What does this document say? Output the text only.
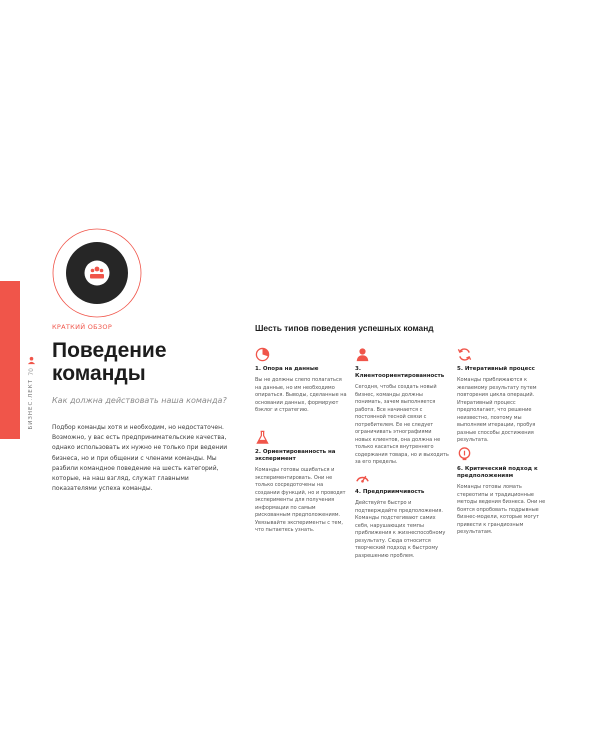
70
БИЗНЕС.ЛЕКТ
КРАТКИЙ ОБЗОР
Поведение команды

Как должна действовать наша команда?

Подбор команды хотя и необходим, но недостаточен. Возможно, у вас есть предпринимательские качества, однако использовать их нужно не только при ведении бизнеса, но и при общении с членами команды. Мы разбили командное поведение на шесть категорий, которые, на наш взгляд, служат главными показателями успеха команды.

Шесть типов поведения успешных команд
1. Опора на данные
Вы не должны слепо полагаться на данные, но им необходимо опираться. Выводы, сделанные на основании данных, формируют бэклог и стратегию.
2. Ориентированность на эксперимент
Команды готовы ошибаться и экспериментировать. Они не только сосредоточены на создании функций, но и проводят эксперименты для получения информации по самым рискованным предположениям. Увязывайте эксперименты с тем, что пытаетесь узнать.
3. Клиентоориентированность
Сегодня, чтобы создать новый бизнес, команды должны понимать, зачем выполняется работа. Все начинается с постоянной тесной связи с потребителем. Ее не следует ограничивать этнографиями новых клиентов, она должна не только касаться внутреннего содержания товара, но и выходить за его пределы.
4. Предприимчивость
Действуйте быстро и подтверждайте предположения. Команды подстегивают самих себя, нарушающих темпы приближения к жизнеспособному результату. Сюда относится творческий подход к быстрому разрешению проблем.
5. Итеративный процесс
Команды приближаются к желаемому результату путем повторения цикла операций. Итеративный процесс предполагает, что решение неизвестно, поэтому мы выполняем итерации, пробуя разные способы достижения результата.
6. Критический подход к предположениям
Команды готовы ломать стереотипы и традиционные методы ведения бизнеса. Они не боятся опробовать подрывные бизнес-модели, которые могут привести к грандиозным результатам.
